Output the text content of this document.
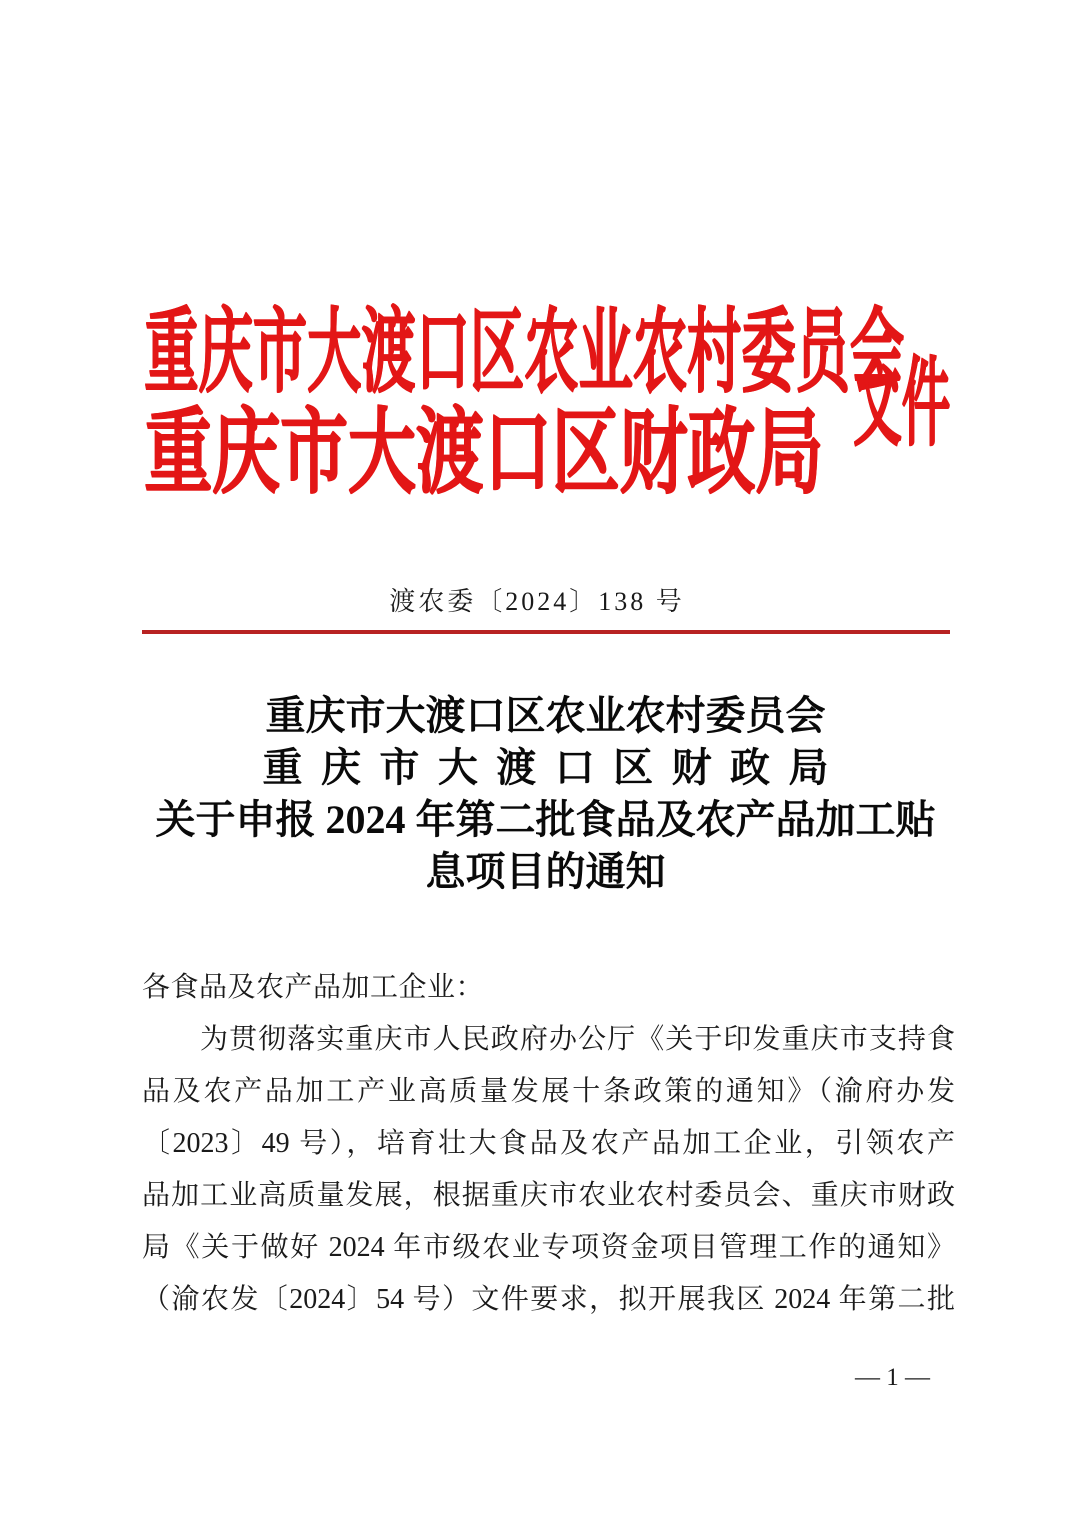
重庆市大渡口区农业农村委员会
重庆市大渡口区财政局 文件
渡农委〔2024〕138 号
重庆市大渡口区农业农村委员会
重庆市大渡口区财政局
关于申报 2024 年第二批食品及农产品加工贴
息项目的通知
各食品及农产品加工企业：
为贯彻落实重庆市人民政府办公厅《关于印发重庆市支持食
品及农产品加工产业高质量发展十条政策的通知》（渝府办发
〔2023〕49 号），培育壮大食品及农产品加工企业，引领农产
品加工业高质量发展，根据重庆市农业农村委员会、重庆市财政
局《关于做好 2024 年市级农业专项资金项目管理工作的通知》
（渝农发〔2024〕54 号）文件要求，拟开展我区 2024 年第二批
— 1 —
